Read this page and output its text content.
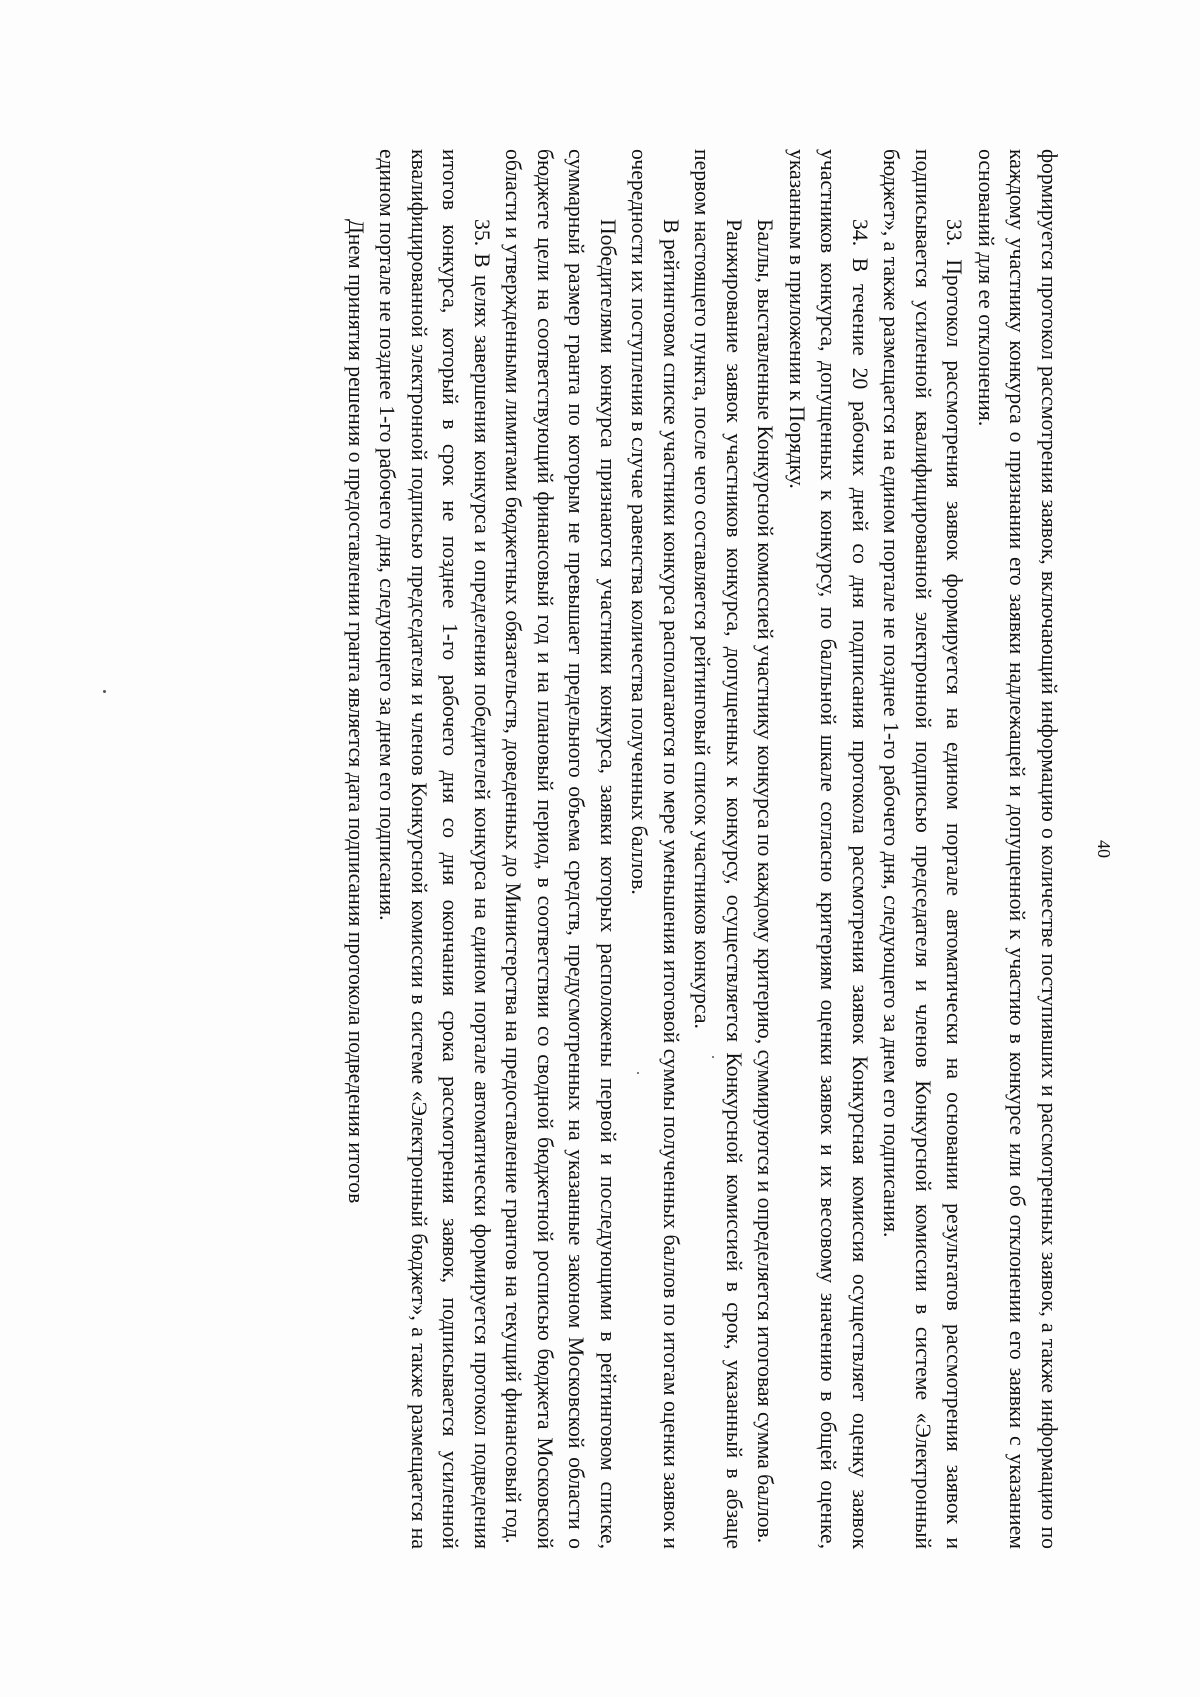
40

формируется протокол рассмотрения заявок, включающий информацию о количестве поступивших и рассмотренных заявок, а также информацию по каждому участнику конкурса о признании его заявки надлежащей и допущенной к участию в конкурсе или об отклонении его заявки с указанием оснований для ее отклонения.

33. Протокол рассмотрения заявок формируется на едином портале автоматически на основании результатов рассмотрения заявок и подписывается усиленной квалифицированной электронной подписью председателя и членов Конкурсной комиссии в системе «Электронный бюджет», а также размещается на едином портале не позднее 1-го рабочего дня, следующего за днем его подписания.

34. В течение 20 рабочих дней со дня подписания протокола рассмотрения заявок Конкурсная комиссия осуществляет оценку заявок участников конкурса, допущенных к конкурсу, по балльной шкале согласно критериям оценки заявок и их весовому значению в общей оценке, указанным в приложении к Порядку.

Баллы, выставленные Конкурсной комиссией участнику конкурса по каждому критерию, суммируются и определяется итоговая сумма баллов.

Ранжирование заявок участников конкурса, допущенных к конкурсу, осуществляется Конкурсной комиссией в срок, указанный в абзаце первом настоящего пункта, после чего составляется рейтинговый список участников конкурса.

В рейтинговом списке участники конкурса располагаются по мере уменьшения итоговой суммы полученных баллов по итогам оценки заявок и очередности их поступления в случае равенства количества полученных баллов.

Победителями конкурса признаются участники конкурса, заявки которых расположены первой и последующими в рейтинговом списке, суммарный размер гранта по которым не превышает предельного объема средств, предусмотренных на указанные законом Московской области о бюджете цели на соответствующий финансовый год и на плановый период, в соответствии со сводной бюджетной росписью бюджета Московской области и утвержденными лимитами бюджетных обязательств, доведенных до Министерства на предоставление грантов на текущий финансовый год.

35. В целях завершения конкурса и определения победителей конкурса на едином портале автоматически формируется протокол подведения итогов конкурса, который в срок не позднее 1-го рабочего дня со дня окончания срока рассмотрения заявок, подписывается усиленной квалифицированной электронной подписью председателя и членов Конкурсной комиссии в системе «Электронный бюджет», а также размещается на едином портале не позднее 1-го рабочего дня, следующего за днем его подписания.

Днем принятия решения о предоставлении гранта является дата подписания протокола подведения итогов
